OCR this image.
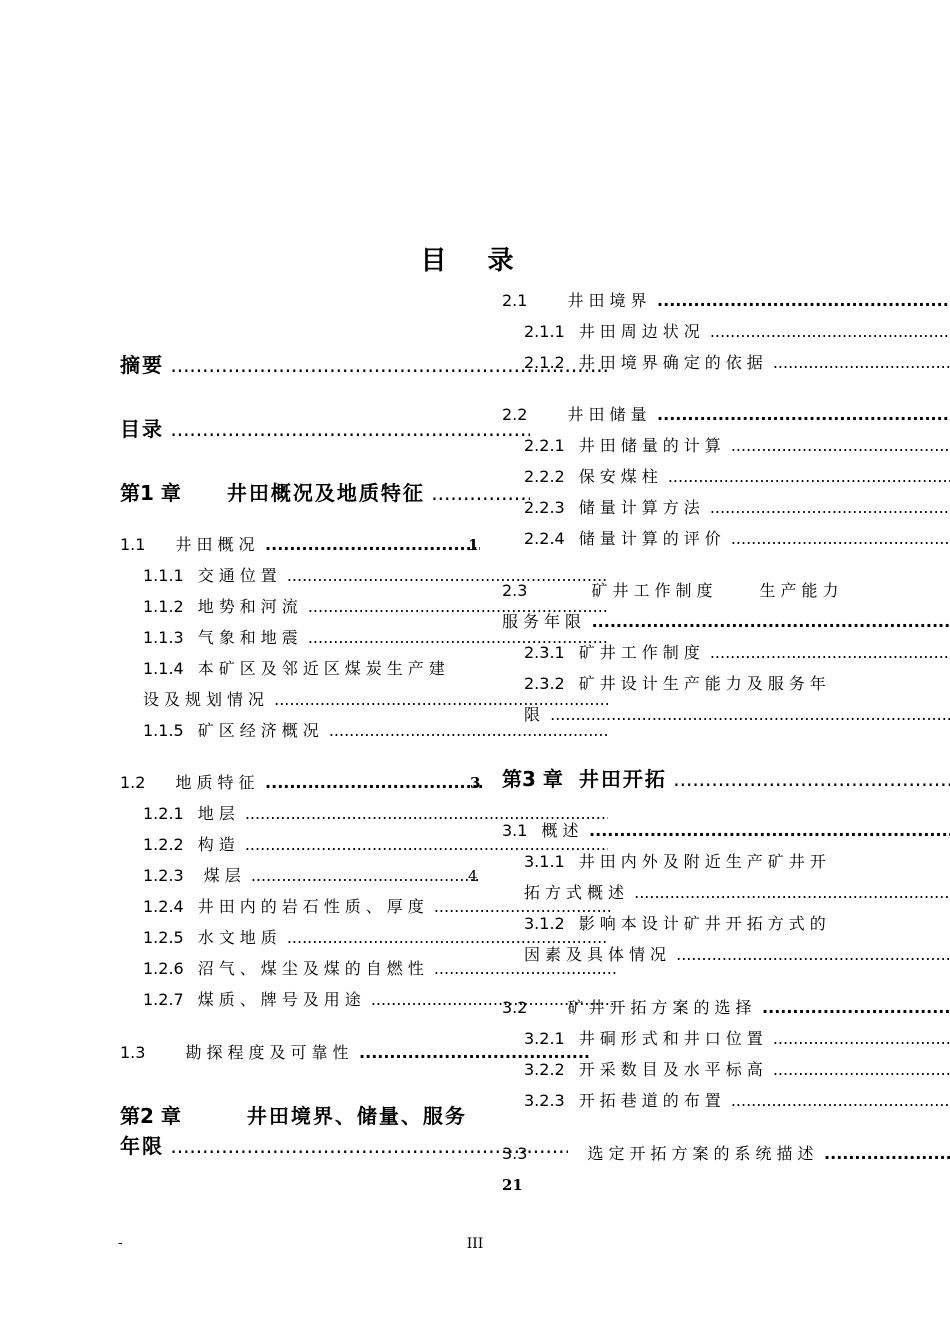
目 录
摘要 .....
目录 .....
第1 章 井田概况及地质特征 .....
1.1 井田概况 .....	1
1.1.1 交通位置 .....
1.1.2 地势和河流 .....
1.1.3 气象和地震 .....
1.1.4 本矿区及邻近区煤炭生产建
设及规划情况 .....
1.1.5 矿区经济概况 .....
1.2 地质特征 .....	3
1.2.1 地层 .....
1.2.2 构造 .....
1.2.3 煤层 .....	4
1.2.4 井田内的岩石性质、厚度 .....
1.2.5 水文地质 .....
1.2.6 沼气、煤尘及煤的自燃性 .....
1.2.7 煤质、牌号及用途 .....
1.3	勘探程度及可靠性 .....
第2 章	井田境界、储量、服务
年限 .....
2.1	井田境界 .....
2.1.1 井田周边状况 .....
2.1.2 井田境界确定的依据 .....
2.2	井田储量 .....
2.2.1 井田储量的计算 .....
2.2.2 保安煤柱 .....
2.2.3 储量计算方法 .....
2.2.4 储量计算的评价 .....
2.3	矿井工作制度　　生产能力
服务年限 .....
2.3.1 矿井工作制度 .....
2.3.2 矿井设计生产能力及服务年
限 .....
第3 章 井田开拓 .....
3.1 概述 .....
3.1.1 井田内外及附近生产矿井开
拓方式概述 .....
3.1.2 影响本设计矿井开拓方式的
因素及具体情况 .....
3.2	矿井开拓方案的选择 .....
3.2.1 井硐形式和井口位置 .....
3.2.2 开采数目及水平标高 .....
3.2.3 开拓巷道的布置 .....
3.3	选定开拓方案的系统描述 .....
21
-	III
